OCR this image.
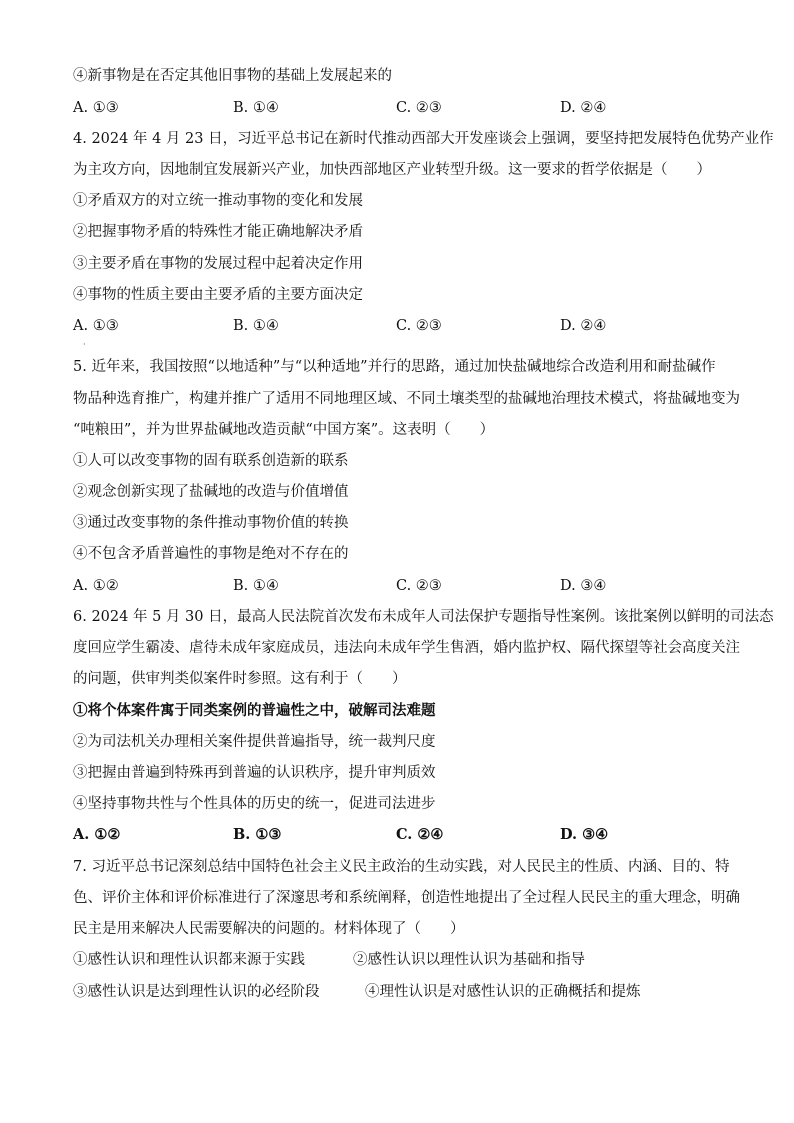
④新事物是在否定其他旧事物的基础上发展起来的
A. ①③	B. ①④	C. ②③	D. ②④
4. 2024 年 4 月 23 日，习近平总书记在新时代推动西部大开发座谈会上强调，要坚持把发展特色优势产业作
为主攻方向，因地制宜发展新兴产业，加快西部地区产业转型升级。这一要求的哲学依据是（　　）
①矛盾双方的对立统一推动事物的变化和发展
②把握事物矛盾的特殊性才能正确地解决矛盾
③主要矛盾在事物的发展过程中起着决定作用
④事物的性质主要由主要矛盾的主要方面决定
A. ①③	B. ①④	C. ②③	D. ②④
·
5. 近年来，我国按照“以地适种”与“以种适地”并行的思路，通过加快盐碱地综合改造利用和耐盐碱作
物品种选育推广，构建并推广了适用不同地理区域、不同土壤类型的盐碱地治理技术模式，将盐碱地变为
“吨粮田”，并为世界盐碱地改造贡献“中国方案”。这表明（　　）
①人可以改变事物的固有联系创造新的联系
②观念创新实现了盐碱地的改造与价值增值
③通过改变事物的条件推动事物价值的转换
④不包含矛盾普遍性的事物是绝对不存在的
A. ①②	B. ①④	C. ②③	D. ③④
6. 2024 年 5 月 30 日，最高人民法院首次发布未成年人司法保护专题指导性案例。该批案例以鲜明的司法态
度回应学生霸凌、虐待未成年家庭成员，违法向未成年学生售酒，婚内监护权、隔代探望等社会高度关注
的问题，供审判类似案件时参照。这有利于（　　）
①将个体案件寓于同类案例的普遍性之中，破解司法难题
②为司法机关办理相关案件提供普遍指导，统一裁判尺度
③把握由普遍到特殊再到普遍的认识秩序，提升审判质效
④坚持事物共性与个性具体的历史的统一，促进司法进步
A. ①②	B. ①③	C. ②④	D. ③④
7. 习近平总书记深刻总结中国特色社会主义民主政治的生动实践，对人民民主的性质、内涵、目的、特
色、评价主体和评价标准进行了深邃思考和系统阐释，创造性地提出了全过程人民民主的重大理念，明确
民主是用来解决人民需要解决的问题的。材料体现了（　　）
①感性认识和理性认识都来源于实践	②感性认识以理性认识为基础和指导
③感性认识是达到理性认识的必经阶段	④理性认识是对感性认识的正确概括和提炼
